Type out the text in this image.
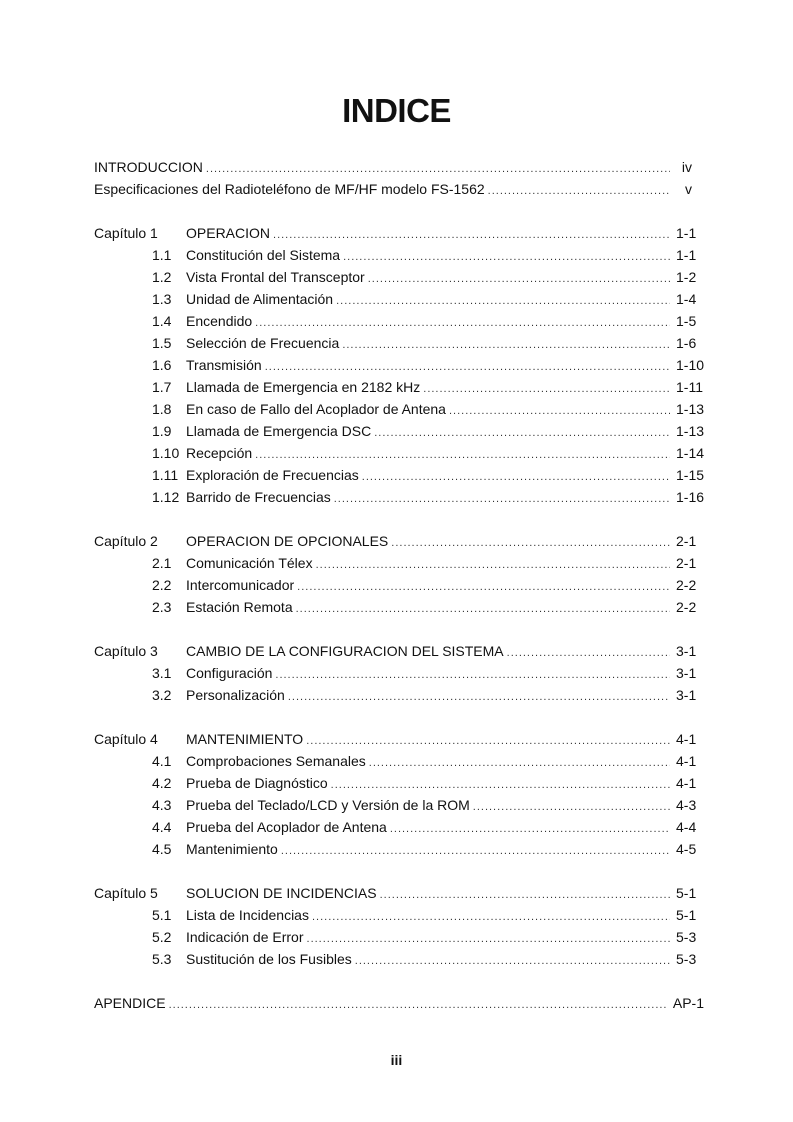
INDICE
INTRODUCCION .....	iv
Especificaciones del Radioteléfono de MF/HF modelo FS-1562 .....	v
Capítulo 1	OPERACION .....	1-1
1.1	Constitución del Sistema .....	1-1
1.2	Vista Frontal del Transceptor .....	1-2
1.3	Unidad de Alimentación .....	1-4
1.4	Encendido .....	1-5
1.5	Selección de Frecuencia .....	1-6
1.6	Transmisión .....	1-10
1.7	Llamada de Emergencia en 2182 kHz .....	1-11
1.8	En caso de Fallo del Acoplador de Antena .....	1-13
1.9	Llamada de Emergencia DSC .....	1-13
1.10 Recepción .....	1-14
1.11 Exploración de Frecuencias .....	1-15
1.12 Barrido de Frecuencias .....	1-16
Capítulo 2	OPERACION DE OPCIONALES .....	2-1
2.1	Comunicación Télex .....	2-1
2.2	Intercomunicador .....	2-2
2.3	Estación Remota .....	2-2
Capítulo 3	CAMBIO DE LA CONFIGURACION DEL SISTEMA .....	3-1
3.1	Configuración .....	3-1
3.2	Personalización .....	3-1
Capítulo 4	MANTENIMIENTO .....	4-1
4.1	Comprobaciones Semanales .....	4-1
4.2	Prueba de Diagnóstico .....	4-1
4.3	Prueba del Teclado/LCD y Versión de la ROM .....	4-3
4.4	Prueba del Acoplador de Antena .....	4-4
4.5	Mantenimiento .....	4-5
Capítulo 5	SOLUCION DE INCIDENCIAS .....	5-1
5.1	Lista de Incidencias .....	5-1
5.2	Indicación de Error .....	5-3
5.3	Sustitución de los Fusibles .....	5-3
APENDICE .....	AP-1
iii
